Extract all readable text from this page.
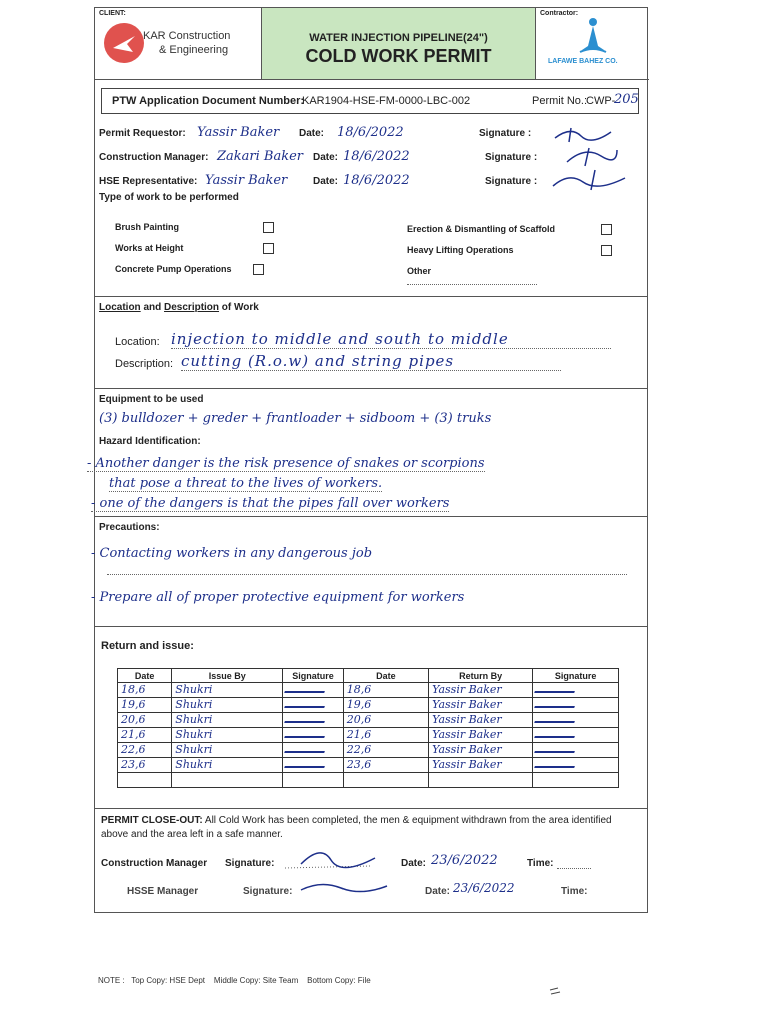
CLIENT:
KAR Construction
& Engineering
WATER INJECTION PIPELINE(24")
COLD WORK PERMIT
Contractor:
LAFAWE BAHEZ CO.
PTW Application Document Number:
KAR1904-HSE-FM-0000-LBC-002	Permit No.:
CWP-
205
Permit Requestor: Yassir Baker Date: 18/6/2022	Signature :
Construction Manager: Zakari Baker Date: 18/6/2022	Signature :
HSE Representative: Yassir Baker	Date: 18/6/2022	Signature :
Type of work to be performed
Brush Painting
Works at Height
Concrete Pump Operations
Erection & Dismantling of Scaffold
Heavy Lifting Operations
Other
Location and Description of Work
Location: injection to middle and south to middle
Description: cutting (R.o.w) and string pipes
Equipment to be used
(3) bulldozer + greder + frantloader + sidboom + (3) truks
Hazard Identification:
- Another danger is the risk presence of snakes or scorpions
that pose a threat to the lives of workers.
- one of the dangers is that the pipes fall over workers
Precautions:
- Contacting workers in any dangerous job
- Prepare all of proper protective equipment for workers
Return and issue:
Date	Issue By	Signature	Date	Return By	Signature
18,6	Shukri		18,6	Yassir Baker	
19,6	Shukri		19,6	Yassir Baker	
20,6	Shukri		20,6	Yassir Baker	
21,6	Shukri		21,6	Yassir Baker	
22,6	Shukri		22,6	Yassir Baker	
23,6	Shukri		23,6	Yassir Baker	

PERMIT CLOSE-OUT: All Cold Work has been completed, the men & equipment withdrawn from the area identified above and the area left in a safe manner.
Construction Manager Signature:	Date: 23/6/2022	Time:
HSSE Manager	Signature:	Date: 23/6/2022	Time:
NOTE :   Top Copy: HSE Dept    Middle Copy: Site Team    Bottom Copy: File
